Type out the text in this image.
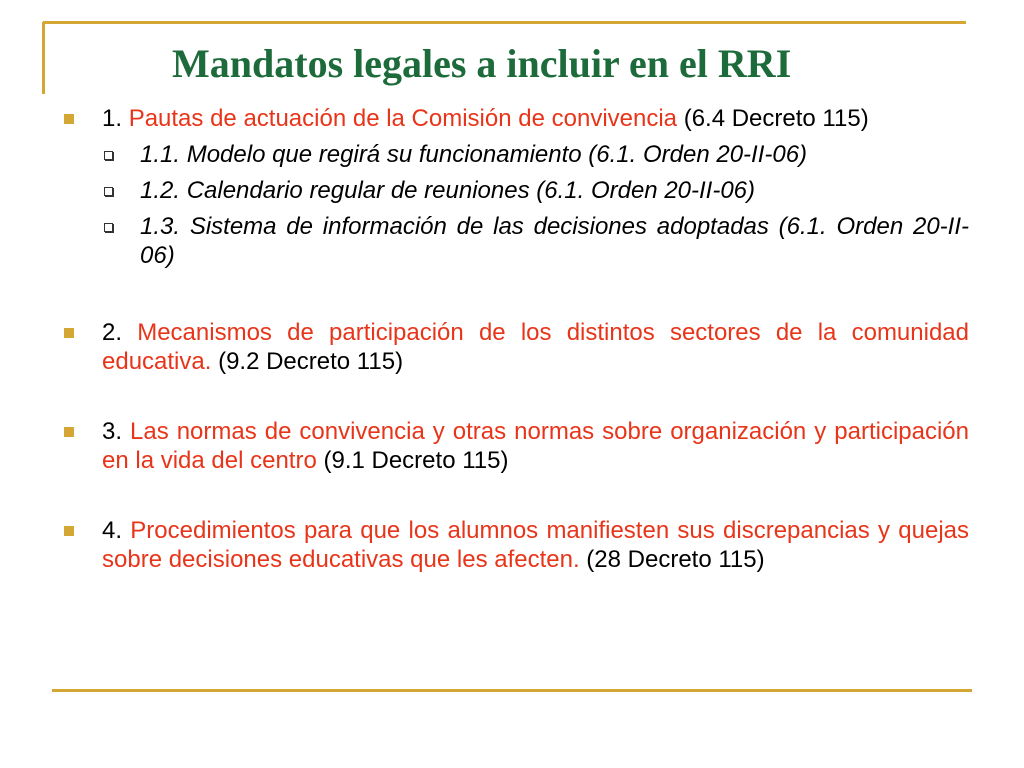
Mandatos legales a incluir en el RRI
1. Pautas de actuación de la Comisión de convivencia (6.4 Decreto 115)
1.1. Modelo que regirá su funcionamiento (6.1. Orden 20-II-06)
1.2. Calendario regular de reuniones (6.1. Orden 20-II-06)
1.3. Sistema de información de las decisiones adoptadas (6.1. Orden 20-II-06)
2. Mecanismos de participación de los distintos sectores de la comunidad educativa. (9.2 Decreto 115)
3. Las normas de convivencia y otras normas sobre organización y participación en la vida del centro (9.1 Decreto 115)
4. Procedimientos para que los alumnos manifiesten sus discrepancias y quejas sobre decisiones educativas que les afecten. (28 Decreto 115)
